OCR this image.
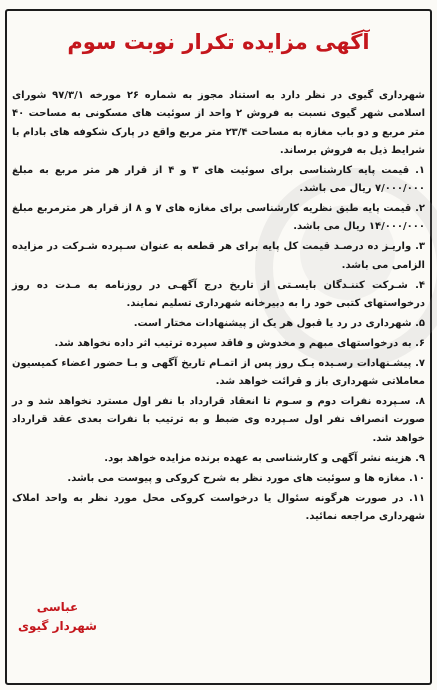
آگهی مزایده تکرار نوبت سوم

شهرداری گیوی در نظر دارد به استناد مجوز به شماره ۲۶ مورخه ۹۷/۳/۱ شورای اسلامی شهر گیوی نسبت به فروش ۲ واحد از سوئیت های مسکونی به مساحت ۴۰ متر مربع و دو باب مغازه به مساحت ۲۳/۴ متر مربع واقع در پارک شکوفه های بادام با شرایط ذیل به فروش برساند.

۱. قیمت پایه کارشناسی برای سوئیت های ۳ و ۴ از قرار هر متر مربع به مبلغ ۷/۰۰۰/۰۰۰ ریال می باشد.

۲. قیمت پایه طبق نظریه کارشناسی برای مغازه های ۷ و ۸ از قرار هر مترمربع مبلغ ۱۴/۰۰۰/۰۰۰ ریال می باشد.

۳. واریـز ده درصـد قیمت کل پایه برای هر قطعه به عنوان سـپرده شـرکت در مزایده الزامی می باشد.

۴. شـرکت کننـدگان بایسـتی از تاریخ درج آگهـی در روزنامه به مـدت ده روز درخواستهای کتبی خود را به دبیرخانه شهرداری تسلیم نمایند.

۵. شهرداری در رد یا قبول هر یک از پیشنهادات مختار است.

۶. به درخواستهای مبهم و مخدوش و فاقد سپرده ترتیب اثر داده نخواهد شد.

۷. پیشـنهادات رسـیده یـک روز پس از اتمـام تاریخ آگهی و بـا حضور اعضاء کمیسیون معاملاتی شهرداری باز و قرائت خواهد شد.

۸. سـپرده نفرات دوم و سـوم تا انعقاد قرارداد با نفر اول مسترد نخواهد شد و در صورت انصراف نفر اول سـپرده وی ضبط و به ترتیب با نفرات بعدی عقد قرارداد خواهد شد.

۹. هزینه نشر آگهی و کارشناسی به عهده برنده مزایده خواهد بود.

۱۰. مغازه ها و سوئیت های مورد نظر به شرح کروکی و پیوست می باشد.

۱۱. در صورت هرگونه سئوال یا درخواست کروکی محل مورد نظر به واحد املاک شهرداری مراجعه نمائید.

عباسی
شهردار گیوی
